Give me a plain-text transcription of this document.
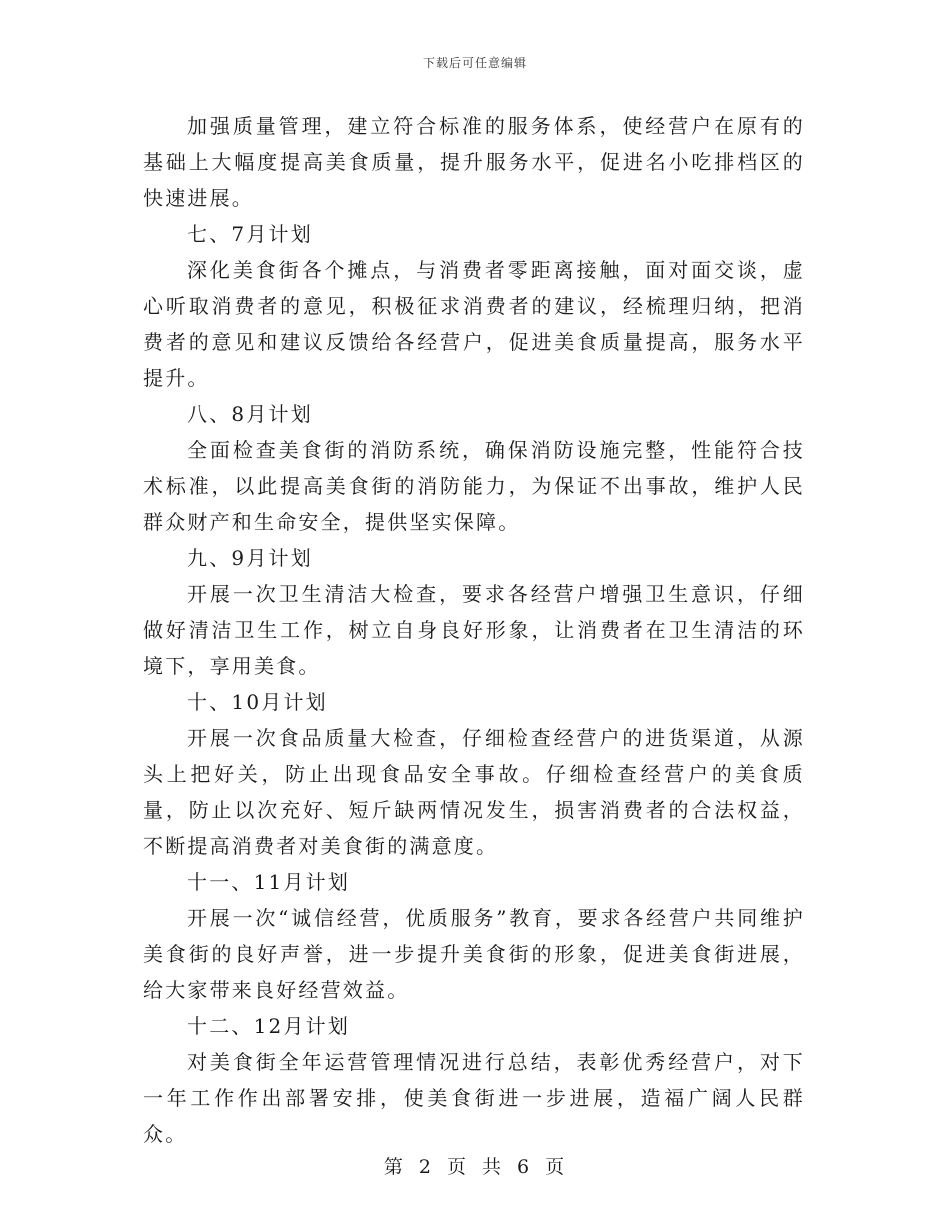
下载后可任意编辑

加强质量管理，建立符合标准的服务体系，使经营户在原有的基础上大幅度提高美食质量，提升服务水平，促进名小吃排档区的快速进展。

七、7月计划

深化美食街各个摊点，与消费者零距离接触，面对面交谈，虚心听取消费者的意见，积极征求消费者的建议，经梳理归纳，把消费者的意见和建议反馈给各经营户，促进美食质量提高，服务水平提升。

八、8月计划

全面检查美食街的消防系统，确保消防设施完整，性能符合技术标准，以此提高美食街的消防能力，为保证不出事故，维护人民群众财产和生命安全，提供坚实保障。

九、9月计划

开展一次卫生清洁大检查，要求各经营户增强卫生意识，仔细做好清洁卫生工作，树立自身良好形象，让消费者在卫生清洁的环境下，享用美食。

十、10月计划

开展一次食品质量大检查，仔细检查经营户的进货渠道，从源头上把好关，防止出现食品安全事故。仔细检查经营户的美食质量，防止以次充好、短斤缺两情况发生，损害消费者的合法权益，不断提高消费者对美食街的满意度。

十一、11月计划

开展一次“诚信经营，优质服务”教育，要求各经营户共同维护美食街的良好声誉，进一步提升美食街的形象，促进美食街进展，给大家带来良好经营效益。

十二、12月计划

对美食街全年运营管理情况进行总结，表彰优秀经营户，对下一年工作作出部署安排，使美食街进一步进展，造福广阔人民群众。

第 2 页 共 6 页
